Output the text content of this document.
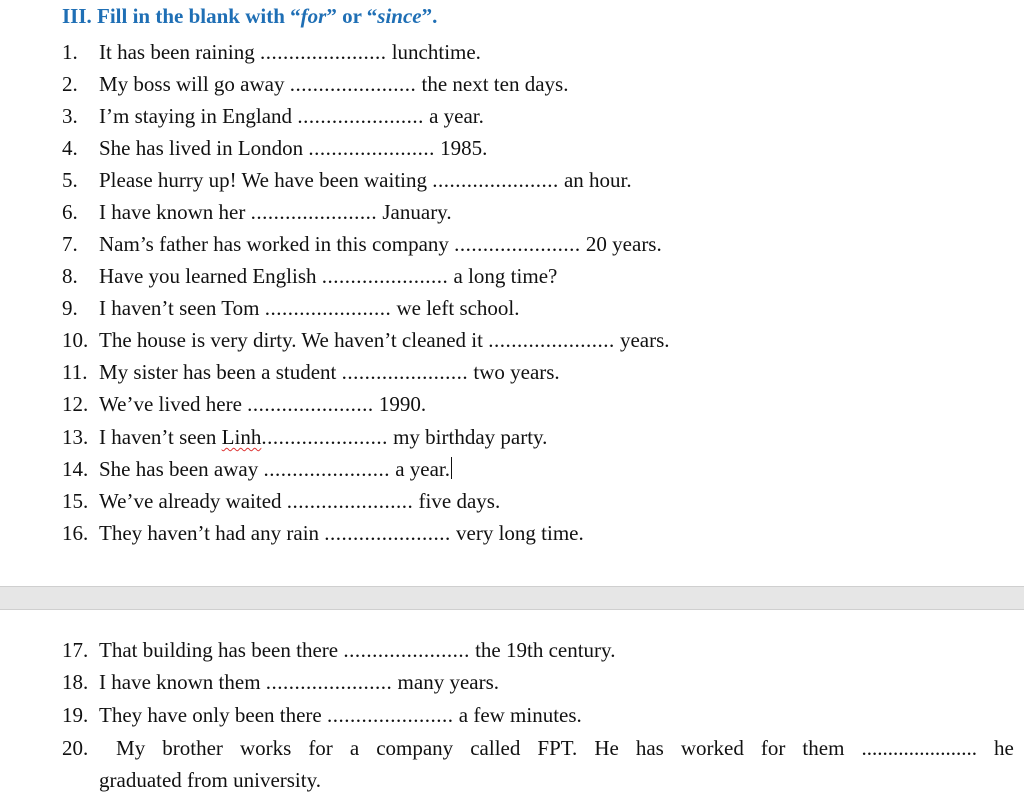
III. Fill in the blank with “for” or “since”.
1. It has been raining ...................... lunchtime.
2. My boss will go away ...................... the next ten days.
3. I’m staying in England ...................... a year.
4. She has lived in London ...................... 1985.
5. Please hurry up! We have been waiting ...................... an hour.
6. I have known her ...................... January.
7. Nam’s father has worked in this company ...................... 20 years.
8. Have you learned English ...................... a long time?
9. I haven’t seen Tom ...................... we left school.
10. The house is very dirty. We haven’t cleaned it ...................... years.
11. My sister has been a student ...................... two years.
12. We’ve lived here ...................... 1990.
13. I haven’t seen Linh...................... my birthday party.
14. She has been away ...................... a year.
15. We’ve already waited ...................... five days.
16. They haven’t had any rain ...................... very long time.
17. That building has been there ...................... the 19th century.
18. I have known them ...................... many years.
19. They have only been there ...................... a few minutes.
20.	My brother works for a company called FPT. He has worked for them ...................... he
graduated from university.
